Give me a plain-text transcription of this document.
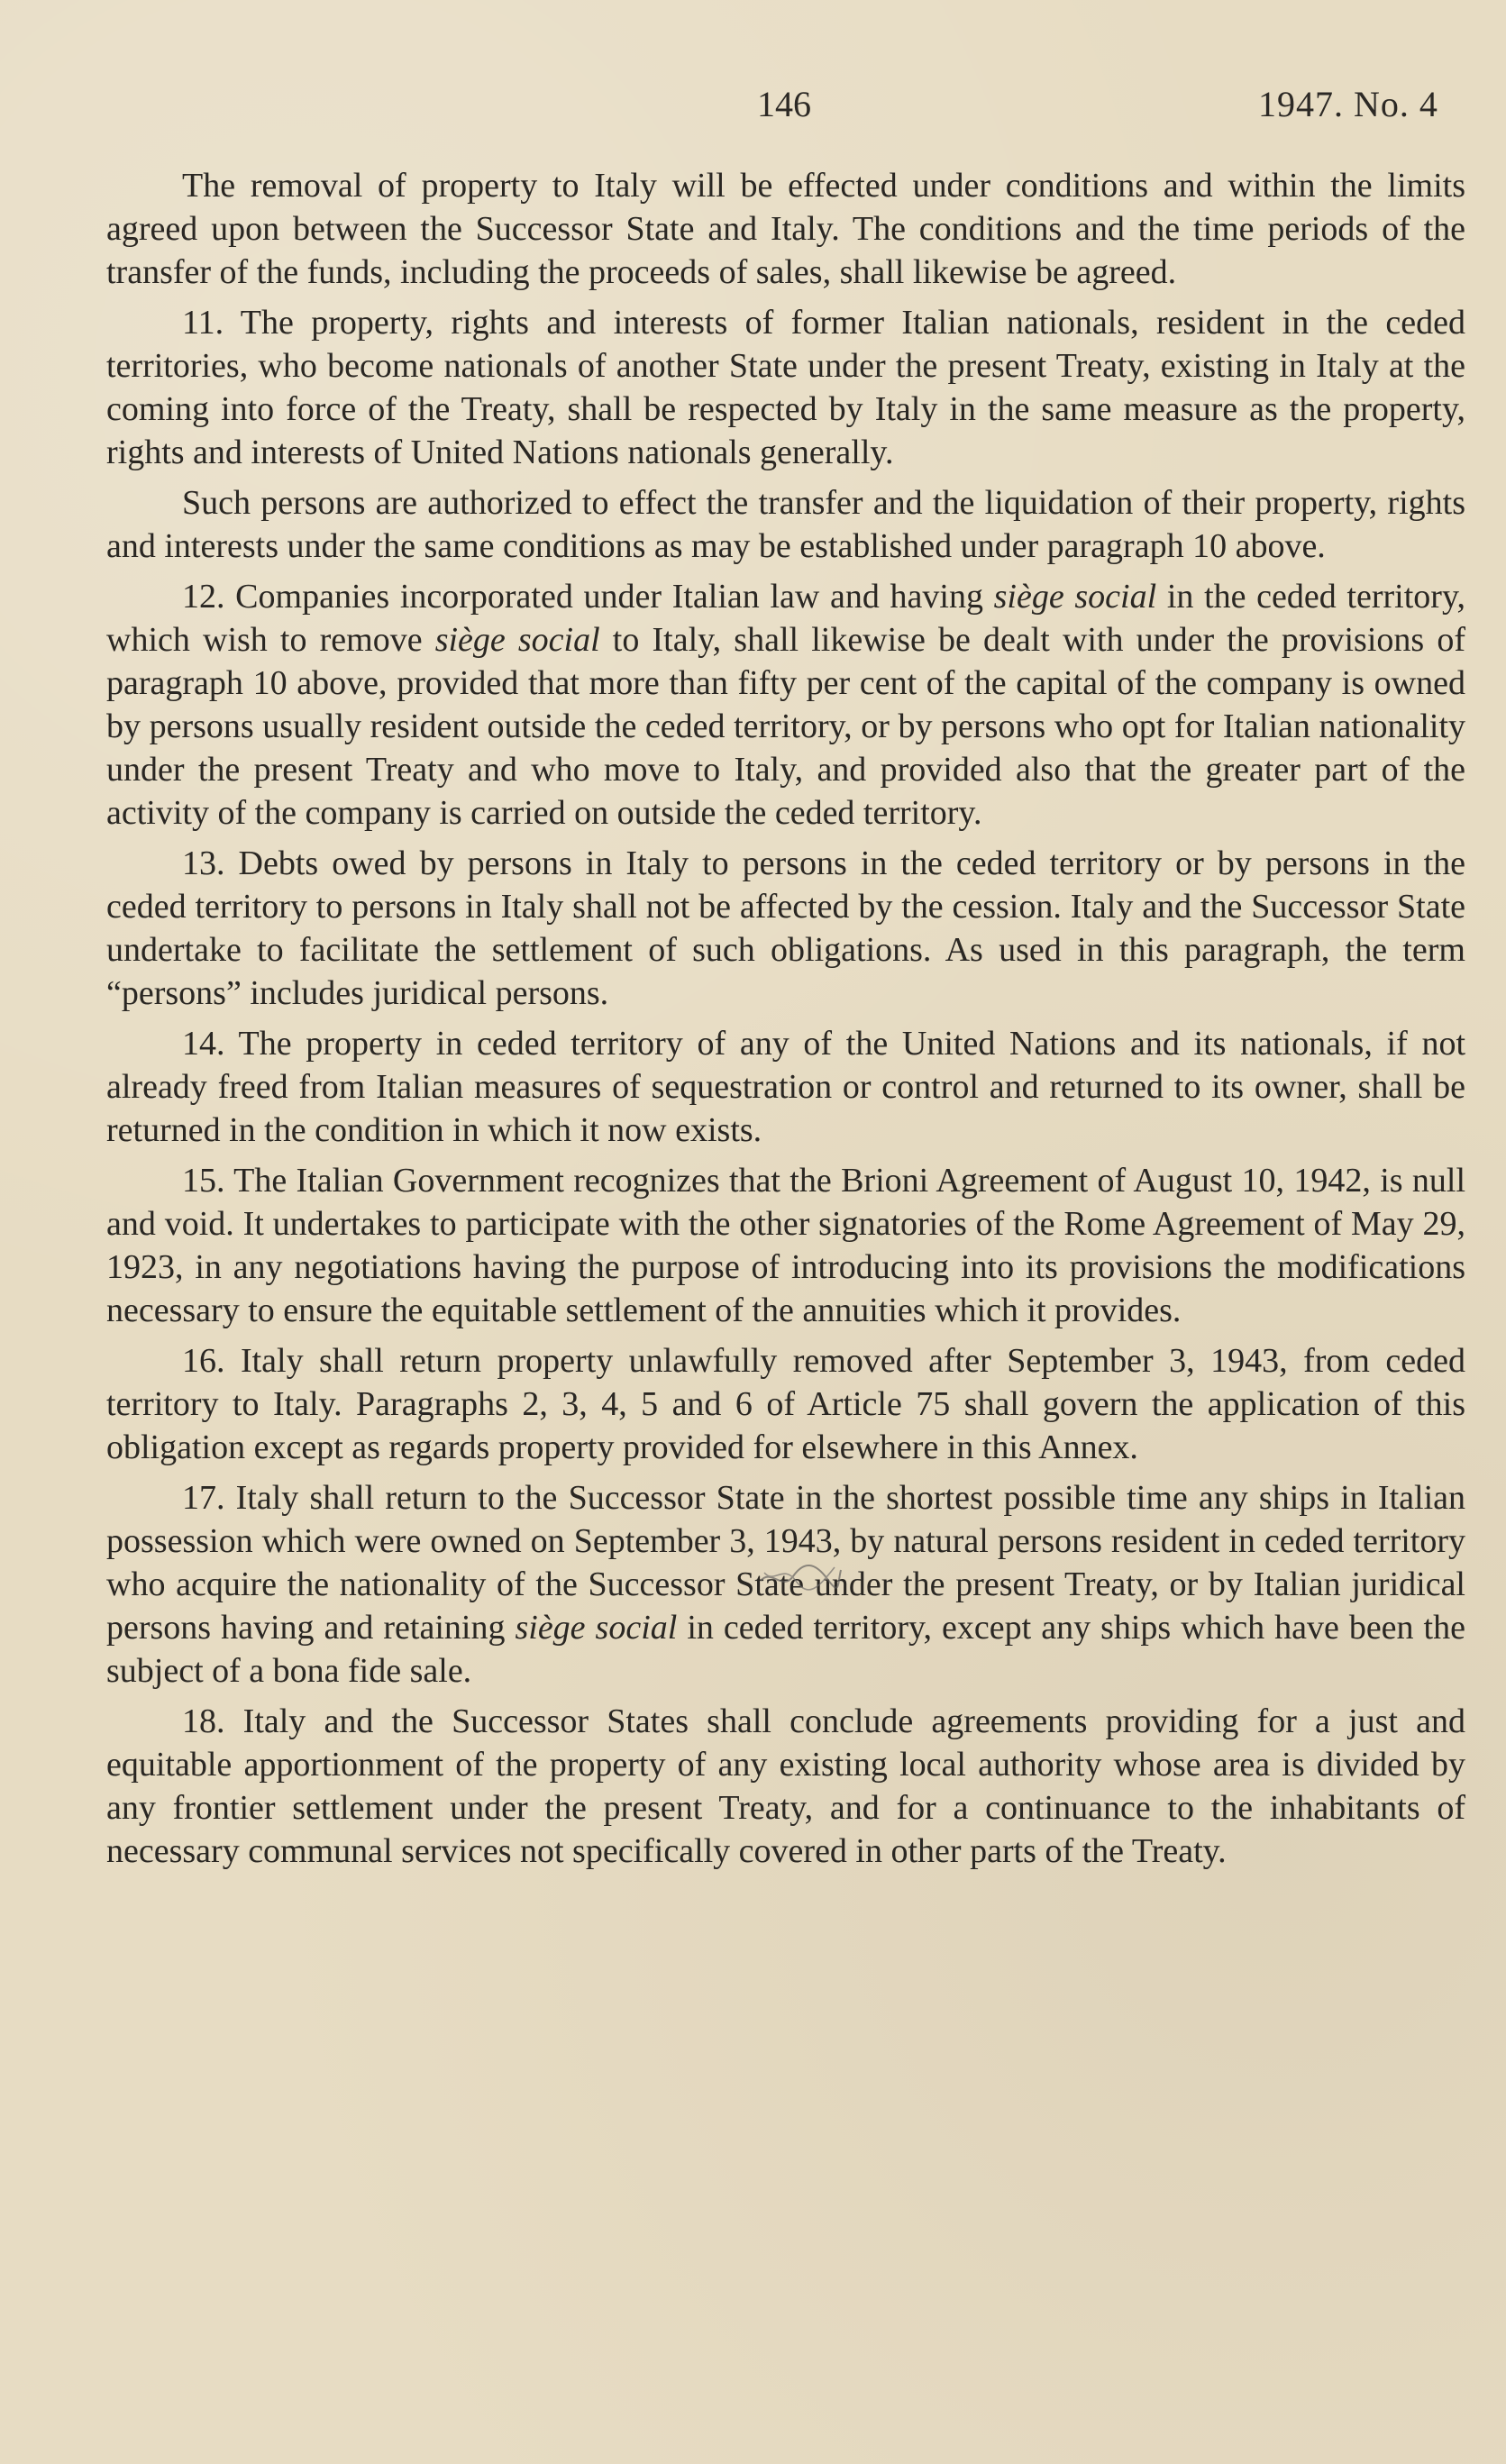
146	1947. No. 4

The removal of property to Italy will be effected under conditions and within the limits agreed upon between the Successor State and Italy. The conditions and the time periods of the transfer of the funds, including the proceeds of sales, shall likewise be agreed.

11. The property, rights and interests of former Italian nationals, resident in the ceded territories, who become nationals of another State under the present Treaty, existing in Italy at the coming into force of the Treaty, shall be respected by Italy in the same measure as the property, rights and interests of United Nations nationals generally.

Such persons are authorized to effect the transfer and the liquidation of their property, rights and interests under the same conditions as may be established under paragraph 10 above.

12. Companies incorporated under Italian law and having siège social in the ceded territory, which wish to remove siège social to Italy, shall likewise be dealt with under the provisions of paragraph 10 above, provided that more than fifty per cent of the capital of the company is owned by persons usually resident outside the ceded territory, or by persons who opt for Italian nationality under the present Treaty and who move to Italy, and provided also that the greater part of the activity of the company is carried on outside the ceded territory.

13. Debts owed by persons in Italy to persons in the ceded territory or by persons in the ceded territory to persons in Italy shall not be affected by the cession. Italy and the Successor State undertake to facilitate the settlement of such obligations. As used in this paragraph, the term “persons” includes juridical persons.

14. The property in ceded territory of any of the United Nations and its nationals, if not already freed from Italian measures of sequestration or control and returned to its owner, shall be returned in the condition in which it now exists.

15. The Italian Government recognizes that the Brioni Agreement of August 10, 1942, is null and void. It undertakes to participate with the other signatories of the Rome Agreement of May 29, 1923, in any negotiations having the purpose of introducing into its provisions the modifications necessary to ensure the equitable settlement of the annuities which it provides.

16. Italy shall return property unlawfully removed after September 3, 1943, from ceded territory to Italy. Paragraphs 2, 3, 4, 5 and 6 of Article 75 shall govern the application of this obligation except as regards property provided for elsewhere in this Annex.

17. Italy shall return to the Successor State in the shortest possible time any ships in Italian possession which were owned on September 3, 1943, by natural persons resident in ceded territory who acquire the nationality of the Successor State under the present Treaty, or by Italian juridical persons having and retaining siège social in ceded territory, except any ships which have been the subject of a bona fide sale.

18. Italy and the Successor States shall conclude agreements providing for a just and equitable apportionment of the property of any existing local authority whose area is divided by any frontier settlement under the present Treaty, and for a continuance to the inhabitants of necessary communal services not specifically covered in other parts of the Treaty.
